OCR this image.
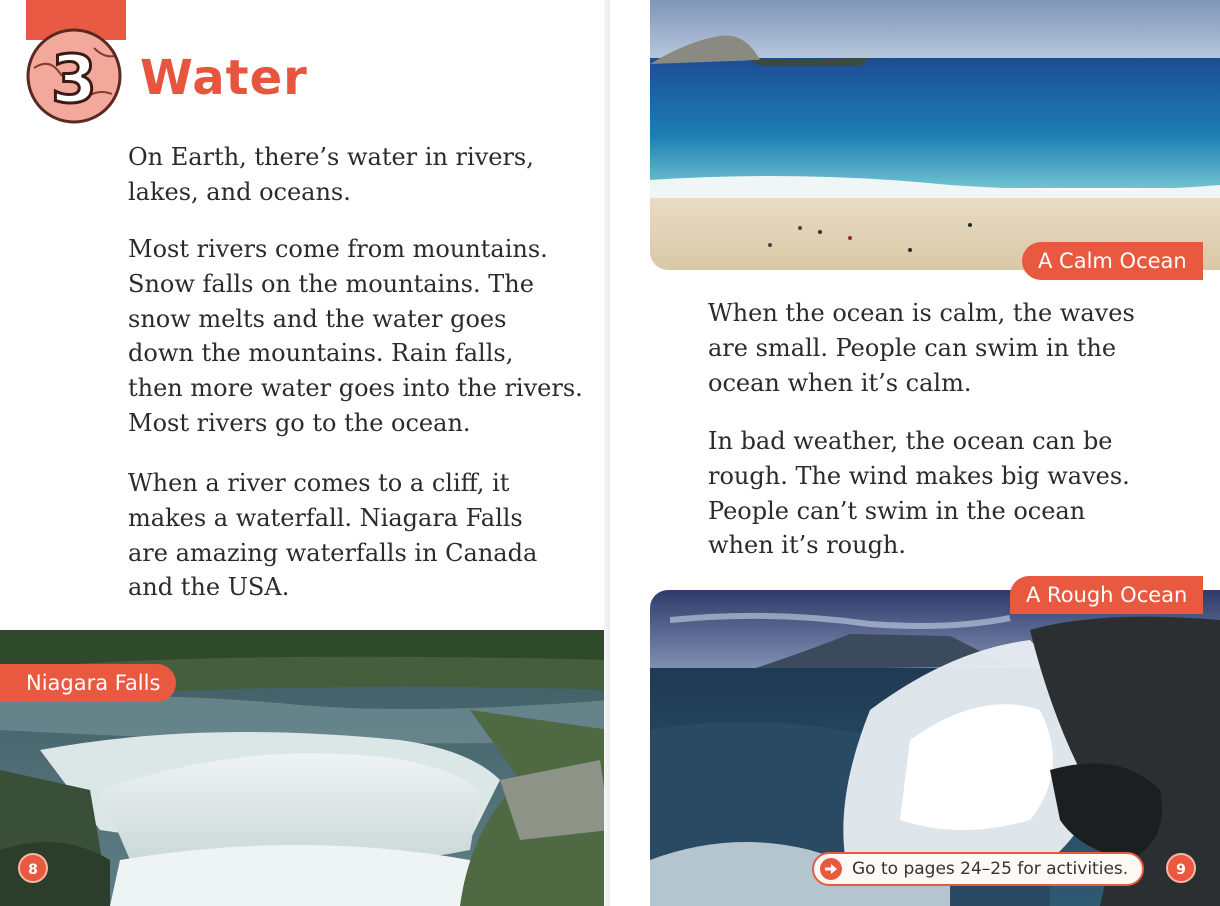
3 Water
On Earth, there’s water in rivers,
lakes, and oceans.
Most rivers come from mountains.
Snow falls on the mountains. The
snow melts and the water goes
down the mountains. Rain falls,
then more water goes into the rivers.
Most rivers go to the ocean.
When a river comes to a cliff, it
makes a waterfall. Niagara Falls
are amazing waterfalls in Canada
and the USA.
Niagara Falls
8
A Calm Ocean
When the ocean is calm, the waves
are small. People can swim in the
ocean when it’s calm.
In bad weather, the ocean can be
rough. The wind makes big waves.
People can’t swim in the ocean
when it’s rough.
A Rough Ocean
9
Go to pages 24–25 for activities.
